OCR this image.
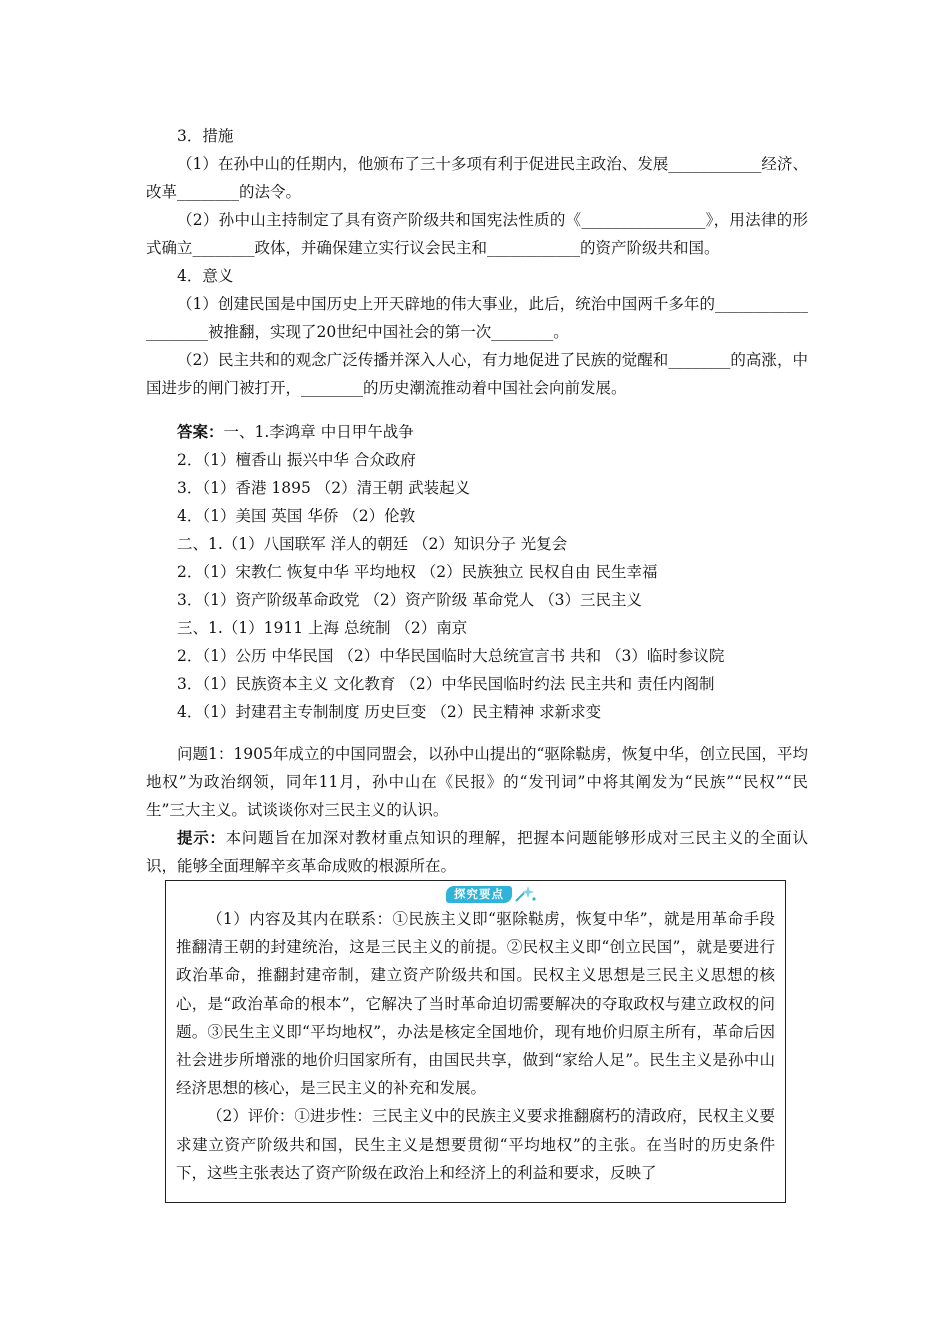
3．措施

（1）在孙中山的任期内，他颁布了三十多项有利于促进民主政治、发展____________经济、改革________的法令。

（2）孙中山主持制定了具有资产阶级共和国宪法性质的《________________》，用法律的形式确立________政体，并确保建立实行议会民主和____________的资产阶级共和国。

4．意义

（1）创建民国是中国历史上开天辟地的伟大事业，此后，统治中国两千多年的____________________被推翻，实现了20世纪中国社会的第一次________。

（2）民主共和的观念广泛传播并深入人心，有力地促进了民族的觉醒和________的高涨，中国进步的闸门被打开，________的历史潮流推动着中国社会向前发展。

答案：一、1.李鸿章 中日甲午战争

2．（1）檀香山 振兴中华 合众政府

3．（1）香港 1895 （2）清王朝 武装起义

4．（1）美国 英国 华侨 （2）伦敦

二、1.（1）八国联军 洋人的朝廷 （2）知识分子 光复会

2．（1）宋教仁 恢复中华 平均地权 （2）民族独立 民权自由 民生幸福

3．（1）资产阶级革命政党 （2）资产阶级 革命党人 （3）三民主义

三、1.（1）1911 上海 总统制 （2）南京

2．（1）公历 中华民国 （2）中华民国临时大总统宣言书 共和 （3）临时参议院

3．（1）民族资本主义 文化教育 （2）中华民国临时约法 民主共和 责任内阁制

4．（1）封建君主专制制度 历史巨变 （2）民主精神 求新求变

问题1：1905年成立的中国同盟会，以孙中山提出的“驱除鞑虏，恢复中华，创立民国，平均地权”为政治纲领，同年11月，孙中山在《民报》的“发刊词”中将其阐发为“民族”“民权”“民生”三大主义。试谈谈你对三民主义的认识。

提示：本问题旨在加深对教材重点知识的理解，把握本问题能够形成对三民主义的全面认识，能够全面理解辛亥革命成败的根源所在。

探究要点

（1）内容及其内在联系：①民族主义即“驱除鞑虏，恢复中华”，就是用革命手段推翻清王朝的封建统治，这是三民主义的前提。②民权主义即“创立民国”，就是要进行政治革命，推翻封建帝制，建立资产阶级共和国。民权主义思想是三民主义思想的核心，是“政治革命的根本”，它解决了当时革命迫切需要解决的夺取政权与建立政权的问题。③民生主义即“平均地权”，办法是核定全国地价，现有地价归原主所有，革命后因社会进步所增涨的地价归国家所有，由国民共享，做到“家给人足”。民生主义是孙中山经济思想的核心，是三民主义的补充和发展。

（2）评价：①进步性：三民主义中的民族主义要求推翻腐朽的清政府，民权主义要求建立资产阶级共和国，民生主义是想要贯彻“平均地权”的主张。在当时的历史条件下，这些主张表达了资产阶级在政治上和经济上的利益和要求，反映了
